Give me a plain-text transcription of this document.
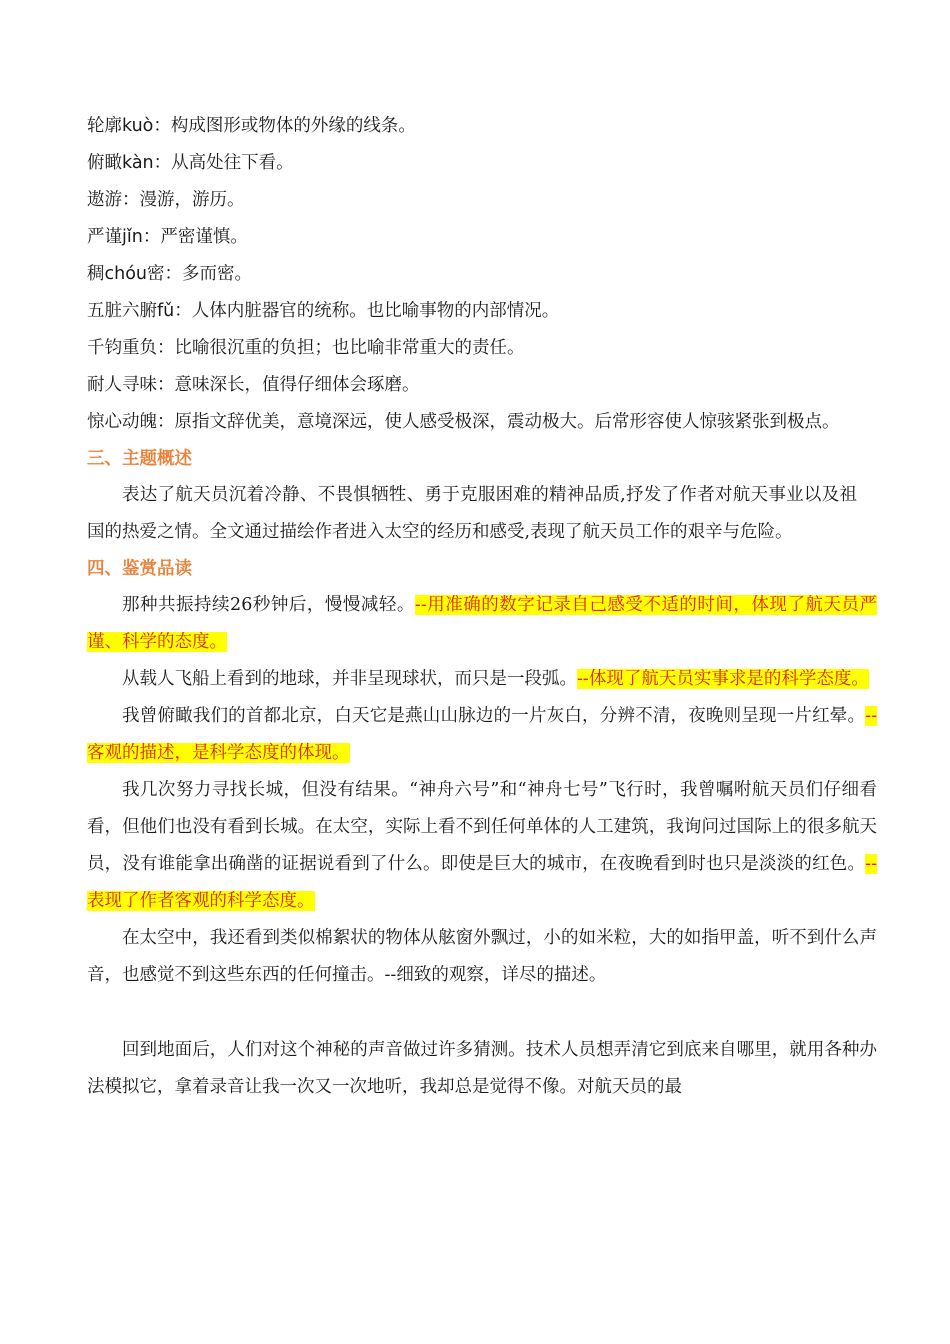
轮廓kuò：构成图形或物体的外缘的线条。

俯瞰kàn：从高处往下看。

遨游：漫游，游历。

严谨jǐn：严密谨慎。

稠chóu密：多而密。

五脏六腑fǔ：人体内脏器官的统称。也比喻事物的内部情况。

千钧重负：比喻很沉重的负担；也比喻非常重大的责任。

耐人寻味：意味深长，值得仔细体会琢磨。

惊心动魄：原指文辞优美，意境深远，使人感受极深，震动极大。后常形容使人惊骇紧张到极点。

三、主题概述

表达了航天员沉着冷静、不畏惧牺牲、勇于克服困难的精神品质,抒发了作者对航天事业以及祖国的热爱之情。全文通过描绘作者进入太空的经历和感受,表现了航天员工作的艰辛与危险。

四、鉴赏品读

那种共振持续26秒钟后，慢慢减轻。--用准确的数字记录自己感受不适的时间，体现了航天员严谨、科学的态度。

从载人飞船上看到的地球，并非呈现球状，而只是一段弧。--体现了航天员实事求是的科学态度。

我曾俯瞰我们的首都北京，白天它是燕山山脉边的一片灰白，分辨不清，夜晚则呈现一片红晕。--客观的描述，是科学态度的体现。

我几次努力寻找长城，但没有结果。“神舟六号”和“神舟七号”飞行时，我曾嘱咐航天员们仔细看看，但他们也没有看到长城。在太空，实际上看不到任何单体的人工建筑，我询问过国际上的很多航天员，没有谁能拿出确凿的证据说看到了什么。即使是巨大的城市，在夜晚看到时也只是淡淡的红色。--表现了作者客观的科学态度。

在太空中，我还看到类似棉絮状的物体从舷窗外飘过，小的如米粒，大的如指甲盖，听不到什么声音，也感觉不到这些东西的任何撞击。--细致的观察，详尽的描述。

回到地面后，人们对这个神秘的声音做过许多猜测。技术人员想弄清它到底来自哪里，就用各种办法模拟它，拿着录音让我一次又一次地听，我却总是觉得不像。对航天员的最
